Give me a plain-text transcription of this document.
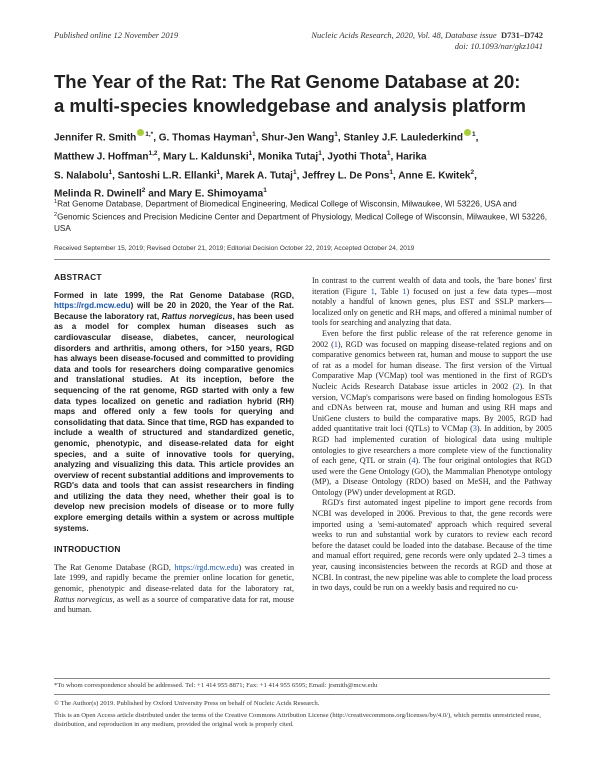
Published online 12 November 2019	Nucleic Acids Research, 2020, Vol. 48, Database issue D731–D742
doi: 10.1093/nar/gkz1041
The Year of the Rat: The Rat Genome Database at 20:
a multi-species knowledgebase and analysis platform
Jennifer R. Smith $^{1,*}$, G. Thomas Hayman$^1$, Shur-Jen Wang$^1$, Stanley J.F. Laulederkind $^1$,
Matthew J. Hoffman$^{1,2}$, Mary L. Kaldunski$^1$, Monika Tutaj$^1$, Jyothi Thota$^1$, Harika
S. Nalabolu$^1$, Santoshi L.R. Ellanki$^1$, Marek A. Tutaj$^1$, Jeffrey L. De Pons$^1$, Anne E. Kwitek$^2$,
Melinda R. Dwinell$^2$ and Mary E. Shimoyama$^1$
$^1$Rat Genome Database, Department of Biomedical Engineering, Medical College of Wisconsin, Milwaukee, WI 53226, USA and $^2$Genomic Sciences and Precision Medicine Center and Department of Physiology, Medical College of Wisconsin, Milwaukee, WI 53226, USA
Received September 15, 2019; Revised October 21, 2019; Editorial Decision October 22, 2019; Accepted October 24, 2019
ABSTRACT

Formed in late 1999, the Rat Genome Database (RGD, https://rgd.mcw.edu) will be 20 in 2020, the Year of the Rat. Because the laboratory rat, Rattus norvegicus, has been used as a model for complex human diseases such as cardiovascular disease, diabetes, cancer, neurological disorders and arthritis, among others, for >150 years, RGD has always been disease-focused and committed to providing data and tools for researchers doing comparative genomics and translational studies. At its inception, before the sequencing of the rat genome, RGD started with only a few data types localized on genetic and radiation hybrid (RH) maps and offered only a few tools for querying and consolidating that data. Since that time, RGD has expanded to include a wealth of structured and standardized genetic, genomic, phenotypic, and disease-related data for eight species, and a suite of innovative tools for querying, analyzing and visualizing this data. This article provides an overview of recent substantial additions and improvements to RGD's data and tools that can assist researchers in finding and utilizing the data they need, whether their goal is to develop new precision models of disease or to more fully explore emerging details within a system or across multiple systems.

INTRODUCTION

The Rat Genome Database (RGD, https://rgd.mcw.edu) was created in late 1999, and rapidly became the premier online location for genetic, genomic, phenotypic and disease-related data for the laboratory rat, Rattus norvegicus, as well as a source of comparative data for rat, mouse and human.

In contrast to the current wealth of data and tools, the 'bare bones' first iteration (Figure 1, Table 1) focused on just a few data types—most notably a handful of known genes, plus EST and SSLP markers—localized only on genetic and RH maps, and offered a minimal number of tools for searching and analyzing that data.

Even before the first public release of the rat reference genome in 2002 (1), RGD was focused on mapping disease-related regions and on comparative genomics between rat, human and mouse to support the use of rat as a model for human disease. The first version of the Virtual Comparative Map (VCMap) tool was mentioned in the first of RGD's Nucleic Acids Research Database issue articles in 2002 (2). In that version, VCMap's comparisons were based on finding homologous ESTs and cDNAs between rat, mouse and human and using RH maps and UniGene clusters to build the comparative maps. By 2005, RGD had added quantitative trait loci (QTLs) to VCMap (3). In addition, by 2005 RGD had implemented curation of biological data using multiple ontologies to give researchers a more complete view of the functionality of each gene, QTL or strain (4). The four original ontologies that RGD used were the Gene Ontology (GO), the Mammalian Phenotype ontology (MP), a Disease Ontology (RDO) based on MeSH, and the Pathway Ontology (PW) under development at RGD.

RGD's first automated ingest pipeline to import gene records from NCBI was developed in 2006. Previous to that, the gene records were imported using a 'semi-automated' approach which required several weeks to run and substantial work by curators to review each record before the dataset could be loaded into the database. Because of the time and manual effort required, gene records were only updated 2–3 times a year, causing inconsistencies between the records at RGD and those at NCBI. In contrast, the new pipeline was able to complete the load process in two days, could be run on a weekly basis and required no cu-

*To whom correspondence should be addressed. Tel: +1 414 955 8871; Fax: +1 414 955 6595; Email: jrsmith@mcw.edu
© The Author(s) 2019. Published by Oxford University Press on behalf of Nucleic Acids Research.
This is an Open Access article distributed under the terms of the Creative Commons Attribution License (http://creativecommons.org/licenses/by/4.0/), which permits unrestricted reuse, distribution, and reproduction in any medium, provided the original work is properly cited.
